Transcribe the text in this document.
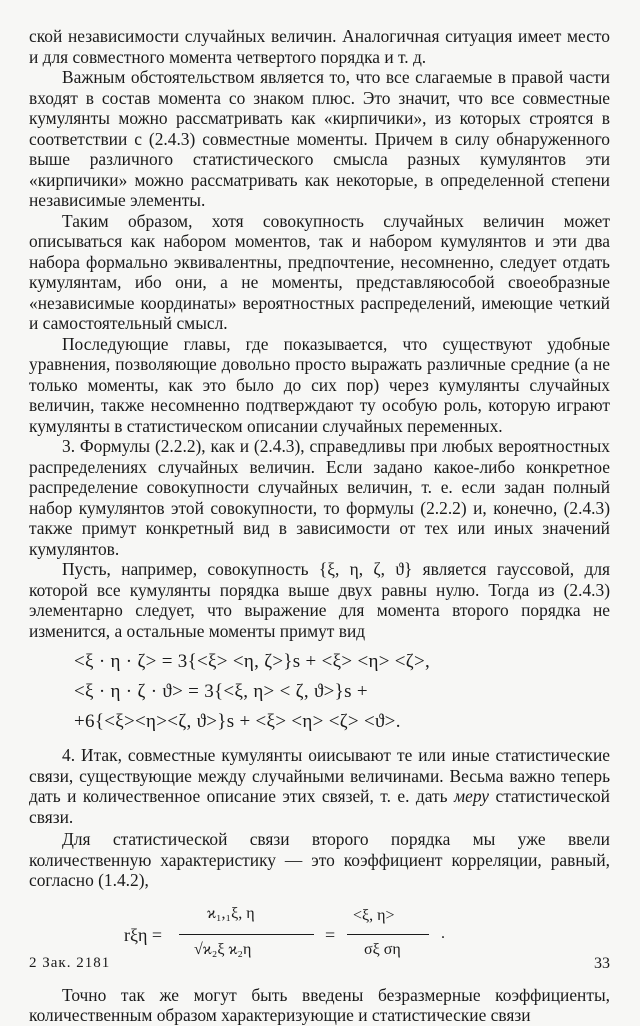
ской независимости случайных величин. Аналогичная ситуация имеет место и для совместного момента четвертого порядка и т. д.

Важным обстоятельством является то, что все слагаемые в правой части входят в состав момента со знаком плюс. Это значит, что все совместные кумулянты можно рассматривать как «кирпичики», из которых строятся в соответствии с (2.4.3) совместные моменты. Причем в силу обнаруженного выше различного статистического смысла разных кумулянтов эти «кирпичики» можно рассматривать как некоторые, в определенной степени независимые элементы.

Таким образом, хотя совокупность случайных величин может описываться как набором моментов, так и набором кумулянтов и эти два набора формально эквивалентны, предпочтение, несомненно, следует отдать кумулянтам, ибо они, а не моменты, представляюсобой своеобразные «независимые координаты» вероятностных распределений, имеющие четкий и самостоятельный смысл.

Последующие главы, где показывается, что существуют удобные уравнения, позволяющие довольно просто выражать различные средние (а не только моменты, как это было до сих пор) через кумулянты случайных величин, также несомненно подтверждают ту особую роль, которую играют кумулянты в статистическом описании случайных переменных.

3. Формулы (2.2.2), как и (2.4.3), справедливы при любых вероятностных распределениях случайных величин. Если задано какое-либо конкретное распределение совокупности случайных величин, т. е. если задан полный набор кумулянтов этой совокупности, то формулы (2.2.2) и, конечно, (2.4.3) также примут конкретный вид в зависимости от тех или иных значений кумулянтов.

Пусть, например, совокупность {ξ, η, ζ, ϑ} является гауссовой, для которой все кумулянты порядка выше двух равны нулю. Тогда из (2.4.3) элементарно следует, что выражение для момента второго порядка не изменится, а остальные моменты примут вид

<ξ · η · ζ> = 3{<ξ> <η, ζ>}s + <ξ> <η> <ζ>,
<ξ · η · ζ · ϑ> = 3{<ξ, η> < ζ, ϑ>}s +
+6{<ξ><η><ζ, ϑ>}s + <ξ> <η> <ζ> <ϑ>.

4. Итак, совместные кумулянты оиисывают те или иные статистические связи, существующие между случайными величинами. Весьма важно теперь дать и количественное описание этих связей, т. е. дать меру статистической связи.

Для статистической связи второго порядка мы уже ввели количественную характеристику — это коэффициент корреляции, равный, согласно (1.4.2),

rξη =
ϰ₁,₁ξ, η
√ϰ₂ξ ϰ₂η
=
<ξ, η>
σξ ση
.

Точно так же могут быть введены безразмерные коэффициенты, количественным образом характеризующие и статистические связи

2 Зак. 2181	33
